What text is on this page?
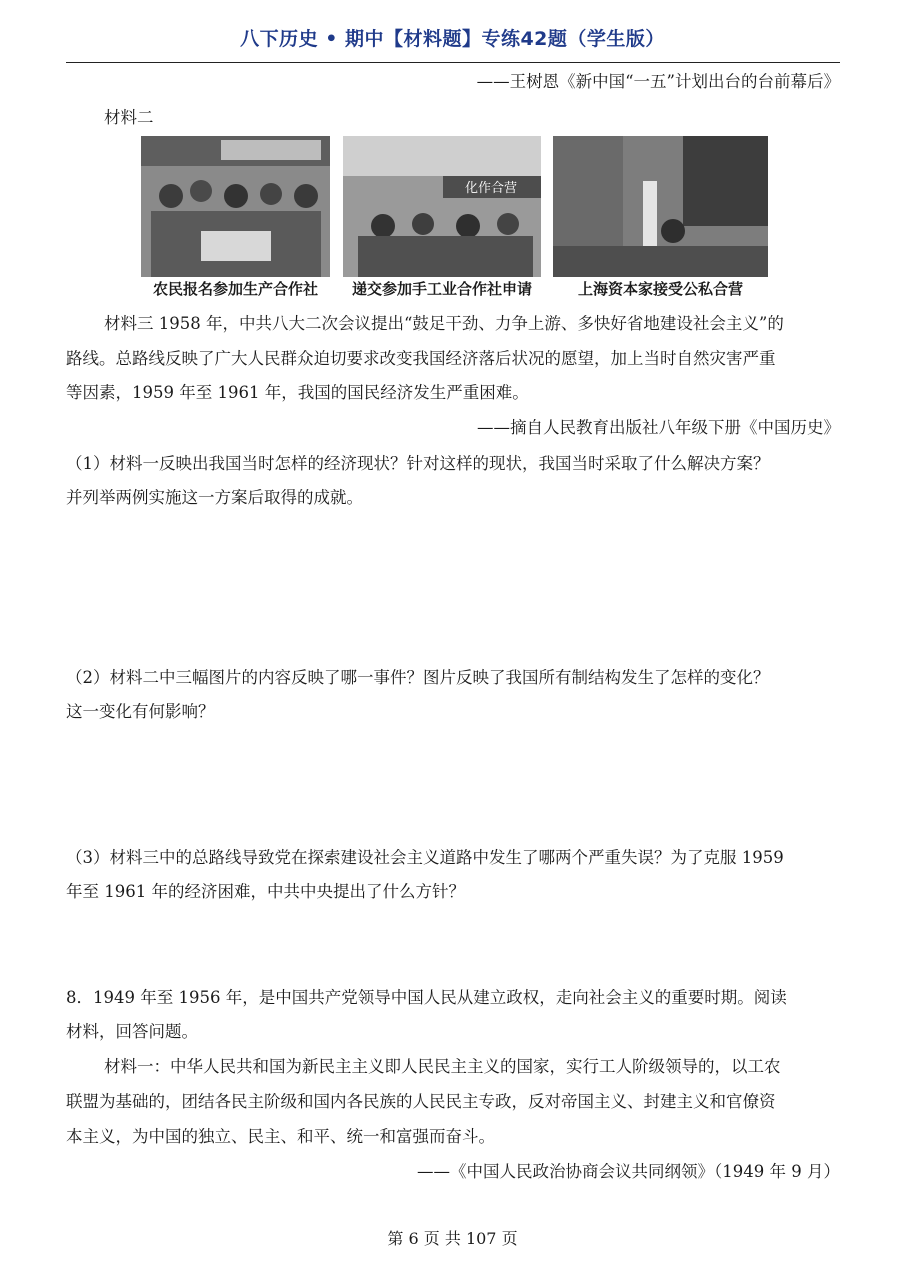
八下历史 • 期中【材料题】专练42题（学生版）
——王树恩《新中国“一五”计划出台的台前幕后》
材料二
化作合营
农民报名参加生产合作社	递交参加手工业合作社申请	上海资本家接受公私合营
材料三 1958 年，中共八大二次会议提出“鼓足干劲、力争上游、多快好省地建设社会主义”的
路线。总路线反映了广大人民群众迫切要求改变我国经济落后状况的愿望，加上当时自然灾害严重
等因素，1959 年至 1961 年，我国的国民经济发生严重困难。
——摘自人民教育出版社八年级下册《中国历史》
（1）材料一反映出我国当时怎样的经济现状？针对这样的现状，我国当时采取了什么解决方案？
并列举两例实施这一方案后取得的成就。
（2）材料二中三幅图片的内容反映了哪一事件？图片反映了我国所有制结构发生了怎样的变化？
这一变化有何影响？
（3）材料三中的总路线导致党在探索建设社会主义道路中发生了哪两个严重失误？为了克服 1959
年至 1961 年的经济困难，中共中央提出了什么方针？
8．1949 年至 1956 年，是中国共产党领导中国人民从建立政权，走向社会主义的重要时期。阅读
材料，回答问题。
材料一：中华人民共和国为新民主主义即人民民主主义的国家，实行工人阶级领导的，以工农
联盟为基础的，团结各民主阶级和国内各民族的人民民主专政，反对帝国主义、封建主义和官僚资
本主义，为中国的独立、民主、和平、统一和富强而奋斗。
——《中国人民政治协商会议共同纲领》（1949 年 9 月）
第 6 页 共 107 页
